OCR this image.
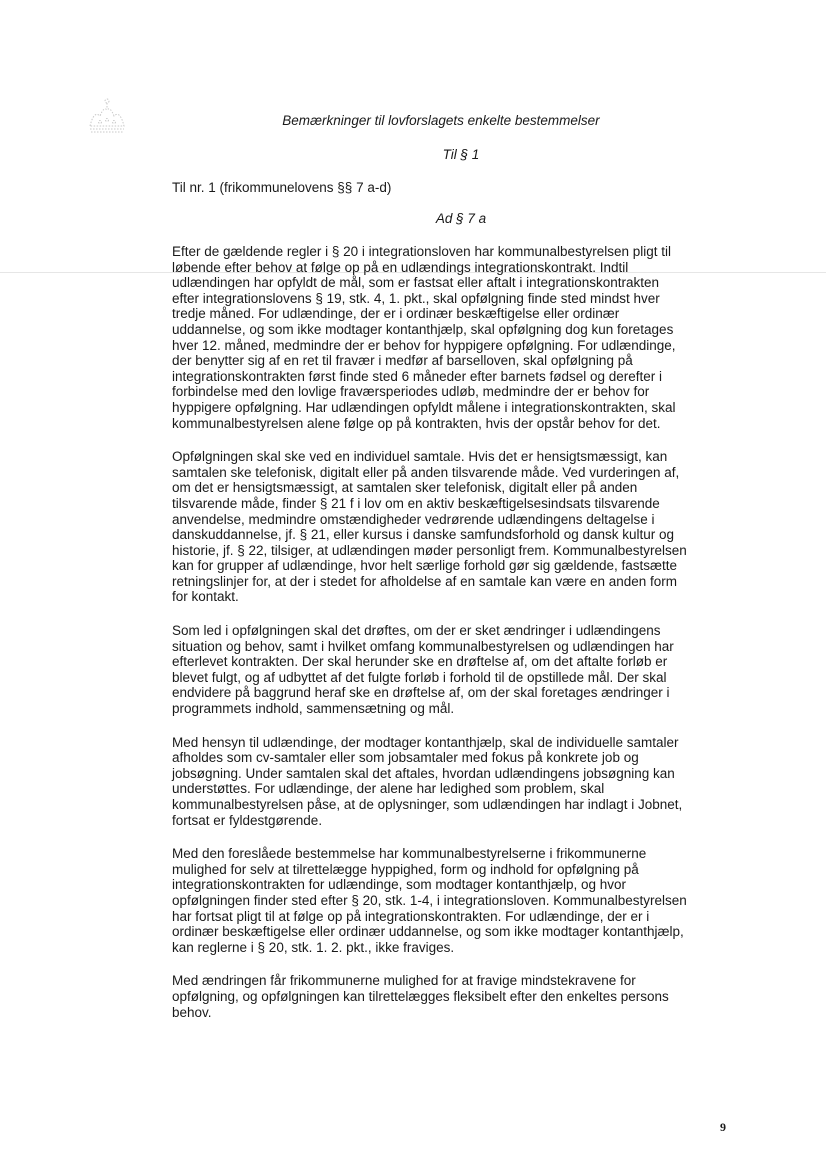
Bemærkninger til lovforslagets enkelte bestemmelser
Til § 1
Til nr. 1 (frikommunelovens §§ 7 a-d)
Ad § 7 a

Efter de gældende regler i § 20 i integrationsloven har kommunalbestyrelsen pligt til
løbende efter behov at følge op på en udlændings integrationskontrakt. Indtil
udlændingen har opfyldt de mål, som er fastsat eller aftalt i integrationskontrakten
efter integrationslovens § 19, stk. 4, 1. pkt., skal opfølgning finde sted mindst hver
tredje måned. For udlændinge, der er i ordinær beskæftigelse eller ordinær
uddannelse, og som ikke modtager kontanthjælp, skal opfølgning dog kun foretages
hver 12. måned, medmindre der er behov for hyppigere opfølgning. For udlændinge,
der benytter sig af en ret til fravær i medfør af barselloven, skal opfølgning på
integrationskontrakten først finde sted 6 måneder efter barnets fødsel og derefter i
forbindelse med den lovlige fraværsperiodes udløb, medmindre der er behov for
hyppigere opfølgning. Har udlændingen opfyldt målene i integrationskontrakten, skal
kommunalbestyrelsen alene følge op på kontrakten, hvis der opstår behov for det.

Opfølgningen skal ske ved en individuel samtale. Hvis det er hensigtsmæssigt, kan
samtalen ske telefonisk, digitalt eller på anden tilsvarende måde. Ved vurderingen af,
om det er hensigtsmæssigt, at samtalen sker telefonisk, digitalt eller på anden
tilsvarende måde, finder § 21 f i lov om en aktiv beskæftigelsesindsats tilsvarende
anvendelse, medmindre omstændigheder vedrørende udlændingens deltagelse i
danskuddannelse, jf. § 21, eller kursus i danske samfundsforhold og dansk kultur og
historie, jf. § 22, tilsiger, at udlændingen møder personligt frem. Kommunalbestyrelsen
kan for grupper af udlændinge, hvor helt særlige forhold gør sig gældende, fastsætte
retningslinjer for, at der i stedet for afholdelse af en samtale kan være en anden form
for kontakt.

Som led i opfølgningen skal det drøftes, om der er sket ændringer i udlændingens
situation og behov, samt i hvilket omfang kommunalbestyrelsen og udlændingen har
efterlevet kontrakten. Der skal herunder ske en drøftelse af, om det aftalte forløb er
blevet fulgt, og af udbyttet af det fulgte forløb i forhold til de opstillede mål. Der skal
endvidere på baggrund heraf ske en drøftelse af, om der skal foretages ændringer i
programmets indhold, sammensætning og mål.

Med hensyn til udlændinge, der modtager kontanthjælp, skal de individuelle samtaler
afholdes som cv-samtaler eller som jobsamtaler med fokus på konkrete job og
jobsøgning. Under samtalen skal det aftales, hvordan udlændingens jobsøgning kan
understøttes. For udlændinge, der alene har ledighed som problem, skal
kommunalbestyrelsen påse, at de oplysninger, som udlændingen har indlagt i Jobnet,
fortsat er fyldestgørende.

Med den foreslåede bestemmelse har kommunalbestyrelserne i frikommunerne
mulighed for selv at tilrettelægge hyppighed, form og indhold for opfølgning på
integrationskontrakten for udlændinge, som modtager kontanthjælp, og hvor
opfølgningen finder sted efter § 20, stk. 1-4, i integrationsloven. Kommunalbestyrelsen
har fortsat pligt til at følge op på integrationskontrakten. For udlændinge, der er i
ordinær beskæftigelse eller ordinær uddannelse, og som ikke modtager kontanthjælp,
kan reglerne i § 20, stk. 1. 2. pkt., ikke fraviges.

Med ændringen får frikommunerne mulighed for at fravige mindstekravene for
opfølgning, og opfølgningen kan tilrettelægges fleksibelt efter den enkeltes persons
behov.

9
